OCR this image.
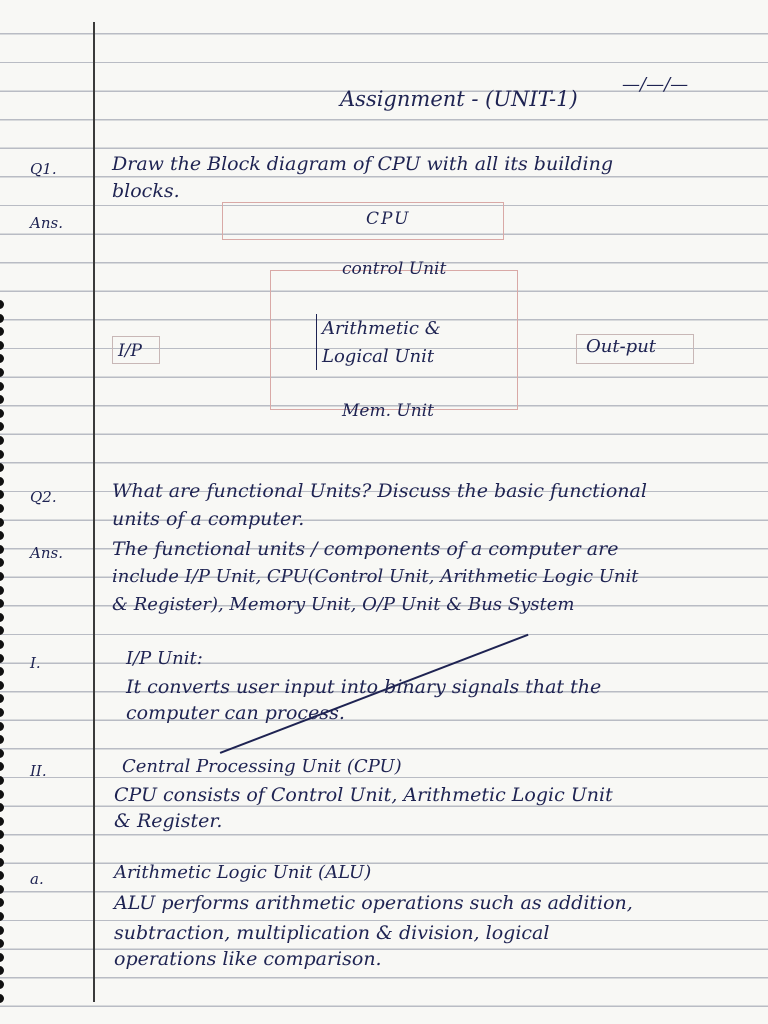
Assignment - (UNIT-1)
—/—/—
Q1.	Draw the Block diagram of CPU with all its building
blocks.
Ans.	CPU
control Unit
Arithmetic &
Logical Unit
Mem. Unit
I/P	Out-put
Q2.	What are functional Units? Discuss the basic functional
units of a computer.
Ans.	The functional units / components of a computer are
include I/P Unit, CPU(Control Unit, Arithmetic Logic Unit
& Register), Memory Unit, O/P Unit & Bus System
I.	I/P Unit:
It converts user input into binary signals that the
computer can process.
II.	Central Processing Unit (CPU)
CPU consists of Control Unit, Arithmetic Logic Unit
& Register.
a.	Arithmetic Logic Unit (ALU)
ALU performs arithmetic operations such as addition,
subtraction, multiplication & division, logical
operations like comparison.
